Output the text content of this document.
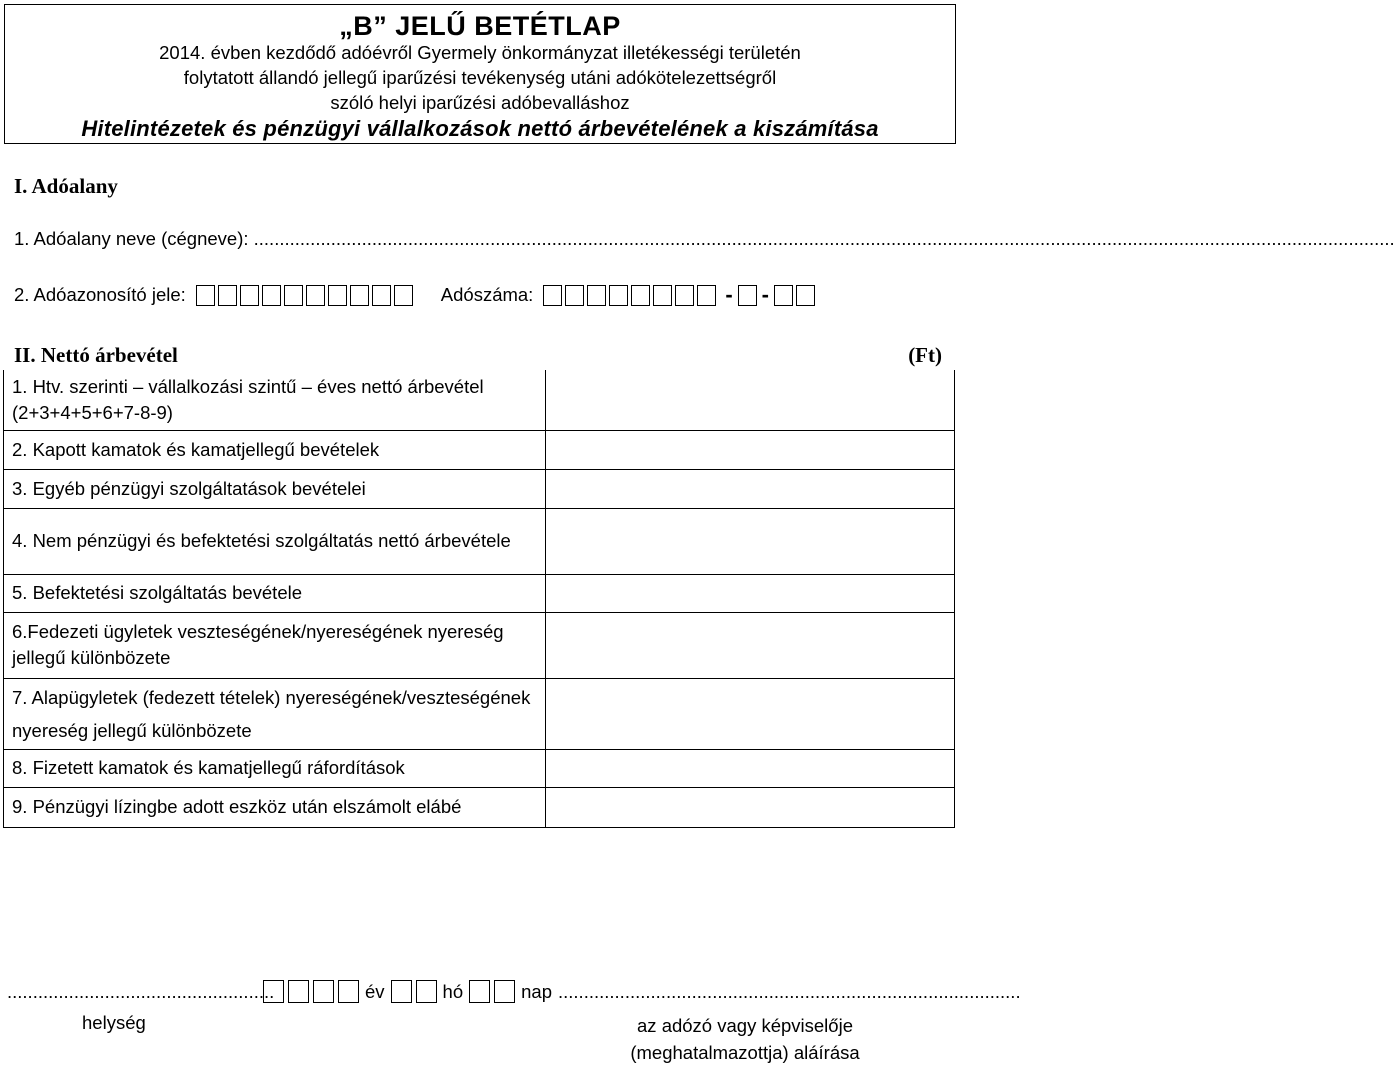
„B” JELŰ BETÉTLAP
2014. évben kezdődő adóévről Gyermely önkormányzat illetékességi területén
folytatott állandó jellegű iparűzési tevékenység utáni adókötelezettségről
szóló helyi iparűzési adóbevalláshoz
Hitelintézetek és pénzügyi vállalkozások nettó árbevételének a kiszámítása
I. Adóalany
1. Adóalany neve (cégneve): ..............................................................................................................................................................................................................................
2. Adóazonosító jele:	Adószáma:	- -
II. Nettó árbevétel	(Ft)
1. Htv. szerinti – vállalkozási szintű – éves nettó árbevétel (2+3+4+5+6+7-8-9)	
2. Kapott kamatok és kamatjellegű bevételek	
3. Egyéb pénzügyi szolgáltatások bevételei	
4. Nem pénzügyi és befektetési szolgáltatás nettó árbevétele	
5. Befektetési szolgáltatás bevétele	
6.Fedezeti ügyletek veszteségének/nyereségének nyereség jellegű különbözete	
7. Alapügyletek (fedezett tételek) nyereségének/veszteségének nyereség jellegű különbözete	
8. Fizetett kamatok és kamatjellegű ráfordítások	
9. Pénzügyi lízingbe adott eszköz után elszámolt elábé	
....................................................	év	hó	nap ..........................................................................................
helység	az adózó vagy képviselője
(meghatalmazottja) aláírása
